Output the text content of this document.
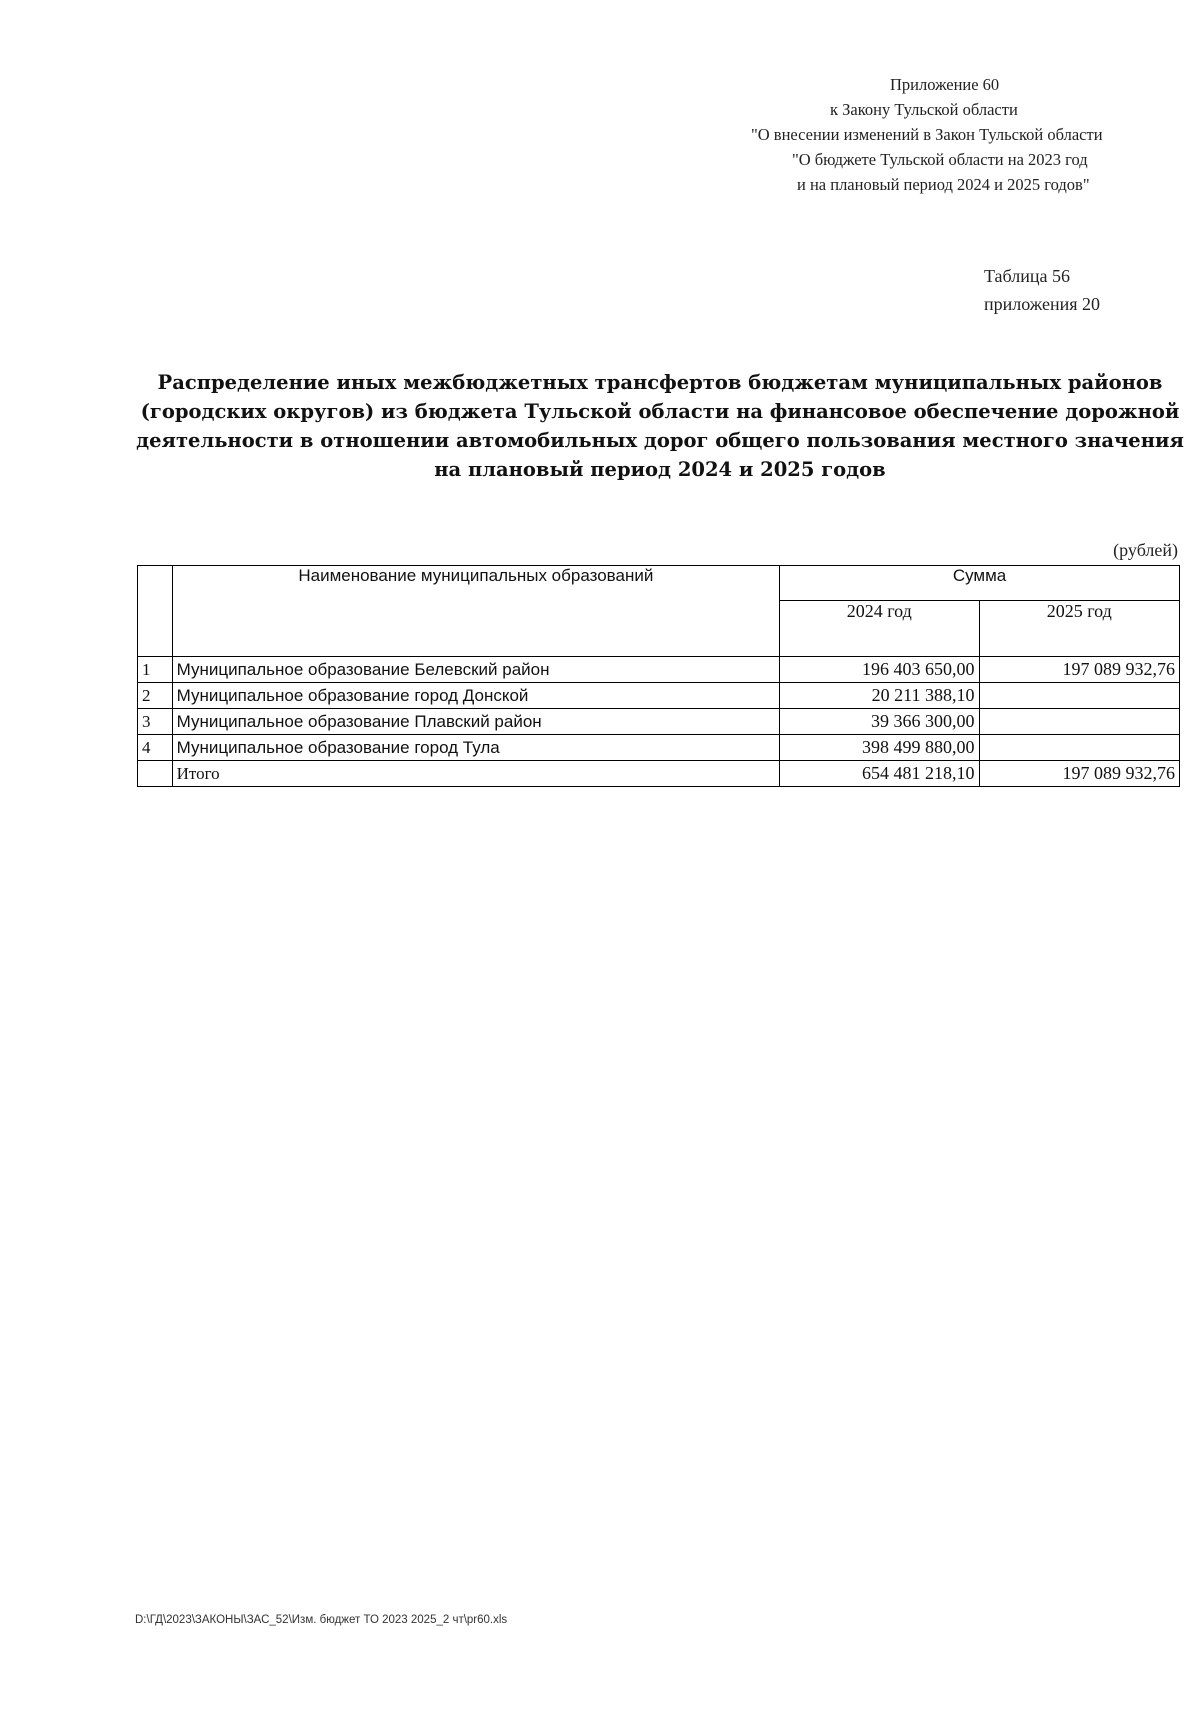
Приложение 60
к Закону Тульской области
"О внесении изменений в Закон Тульской области
"О бюджете Тульской области на 2023 год
и на плановый период 2024 и 2025 годов"
Таблица 56
приложения 20
Распределение иных межбюджетных трансфертов бюджетам муниципальных районов (городских округов) из бюджета Тульской области на финансовое обеспечение дорожной деятельности в отношении автомобильных дорог общего пользования местного значения на плановый период 2024 и 2025 годов
(рублей)
	Наименование муниципальных образований	Сумма	
		2024 год	2025 год
1	Муниципальное образование Белевский район	196 403 650,00	197 089 932,76
2	Муниципальное образование город Донской	20 211 388,10	
3	Муниципальное образование Плавский район	39 366 300,00	
4	Муниципальное образование город Тула	398 499 880,00	
	Итого	654 481 218,10	197 089 932,76
D:\ГД\2023\ЗАКОНЫ\ЗАС_52\Изм. бюджет ТО 2023 2025_2 чт\pr60.xls
